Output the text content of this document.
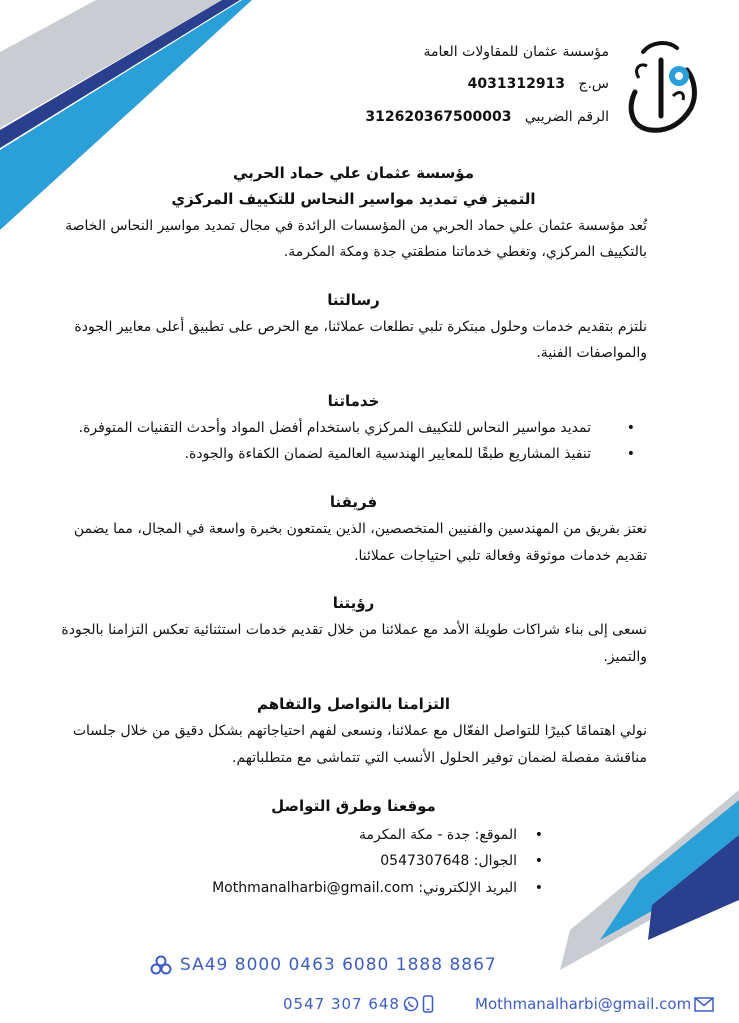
مؤسسة عثمان للمقاولات العامة
س.ج   4031312913
الرقم الضريبي   312620367500003

مؤسسة عثمان علي حماد الحربي

التميز في تمديد مواسير النحاس للتكييف المركزي

تُعد مؤسسة عثمان علي حماد الحربي من المؤسسات الرائدة في مجال تمديد مواسير النحاس الخاصة بالتكييف المركزي، وتغطي خدماتنا منطقتي جدة ومكة المكرمة.

رسالتنا

نلتزم بتقديم خدمات وحلول مبتكرة تلبي تطلعات عملائنا، مع الحرص على تطبيق أعلى معايير الجودة والمواصفات الفنية.

خدماتنا
• تمديد مواسير النحاس للتكييف المركزي باستخدام أفضل المواد وأحدث التقنيات المتوفرة.
• تنفيذ المشاريع طبقًا للمعايير الهندسية العالمية لضمان الكفاءة والجودة.
فريقنا

نعتز بفريق من المهندسين والفنيين المتخصصين، الذين يتمتعون بخبرة واسعة في المجال، مما يضمن تقديم خدمات موثوقة وفعالة تلبي احتياجات عملائنا.

رؤيتنا

نسعى إلى بناء شراكات طويلة الأمد مع عملائنا من خلال تقديم خدمات استثنائية تعكس التزامنا بالجودة والتميز.

التزامنا بالتواصل والتفاهم

نولي اهتمامًا كبيرًا للتواصل الفعّال مع عملائنا، ونسعى لفهم احتياجاتهم بشكل دقيق من خلال جلسات مناقشة مفصلة لضمان توفير الحلول الأنسب التي تتماشى مع متطلباتهم.

موقعنا وطرق التواصل
• الموقع: جدة - مكة المكرمة
• الجوال: 0547307648
• البريد الإلكتروني: Mothmanalharbi@gmail.com
SA49 8000 0463 6080 1888 8867
0547 307 648	Mothmanalharbi@gmail.com
